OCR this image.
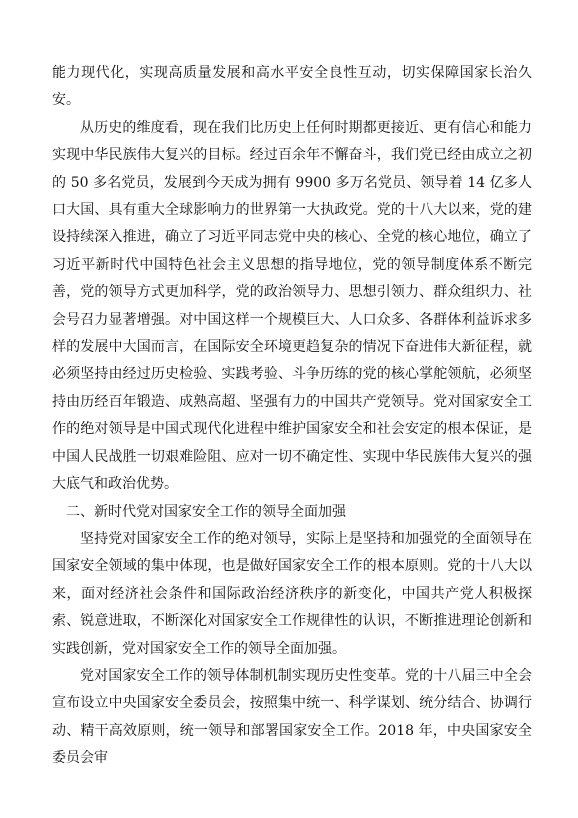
能力现代化，实现高质量发展和高水平安全良性互动，切实保障国家长治久安。

从历史的维度看，现在我们比历史上任何时期都更接近、更有信心和能力实现中华民族伟大复兴的目标。经过百余年不懈奋斗，我们党已经由成立之初的 50 多名党员，发展到今天成为拥有 9900 多万名党员、领导着 14 亿多人口大国、具有重大全球影响力的世界第一大执政党。党的十八大以来，党的建设持续深入推进，确立了习近平同志党中央的核心、全党的核心地位，确立了习近平新时代中国特色社会主义思想的指导地位，党的领导制度体系不断完善，党的领导方式更加科学，党的政治领导力、思想引领力、群众组织力、社会号召力显著增强。对中国这样一个规模巨大、人口众多、各群体利益诉求多样的发展中大国而言，在国际安全环境更趋复杂的情况下奋进伟大新征程，就必须坚持由经过历史检验、实践考验、斗争历练的党的核心掌舵领航，必须坚持由历经百年锻造、成熟高超、坚强有力的中国共产党领导。党对国家安全工作的绝对领导是中国式现代化进程中维护国家安全和社会安定的根本保证，是中国人民战胜一切艰难险阻、应对一切不确定性、实现中华民族伟大复兴的强大底气和政治优势。

二、新时代党对国家安全工作的领导全面加强

坚持党对国家安全工作的绝对领导，实际上是坚持和加强党的全面领导在国家安全领域的集中体现，也是做好国家安全工作的根本原则。党的十八大以来，面对经济社会条件和国际政治经济秩序的新变化，中国共产党人积极探索、锐意进取，不断深化对国家安全工作规律性的认识，不断推进理论创新和实践创新，党对国家安全工作的领导全面加强。

党对国家安全工作的领导体制机制实现历史性变革。党的十八届三中全会宣布设立中央国家安全委员会，按照集中统一、科学谋划、统分结合、协调行动、精干高效原则，统一领导和部署国家安全工作。2018 年，中央国家安全委员会审
